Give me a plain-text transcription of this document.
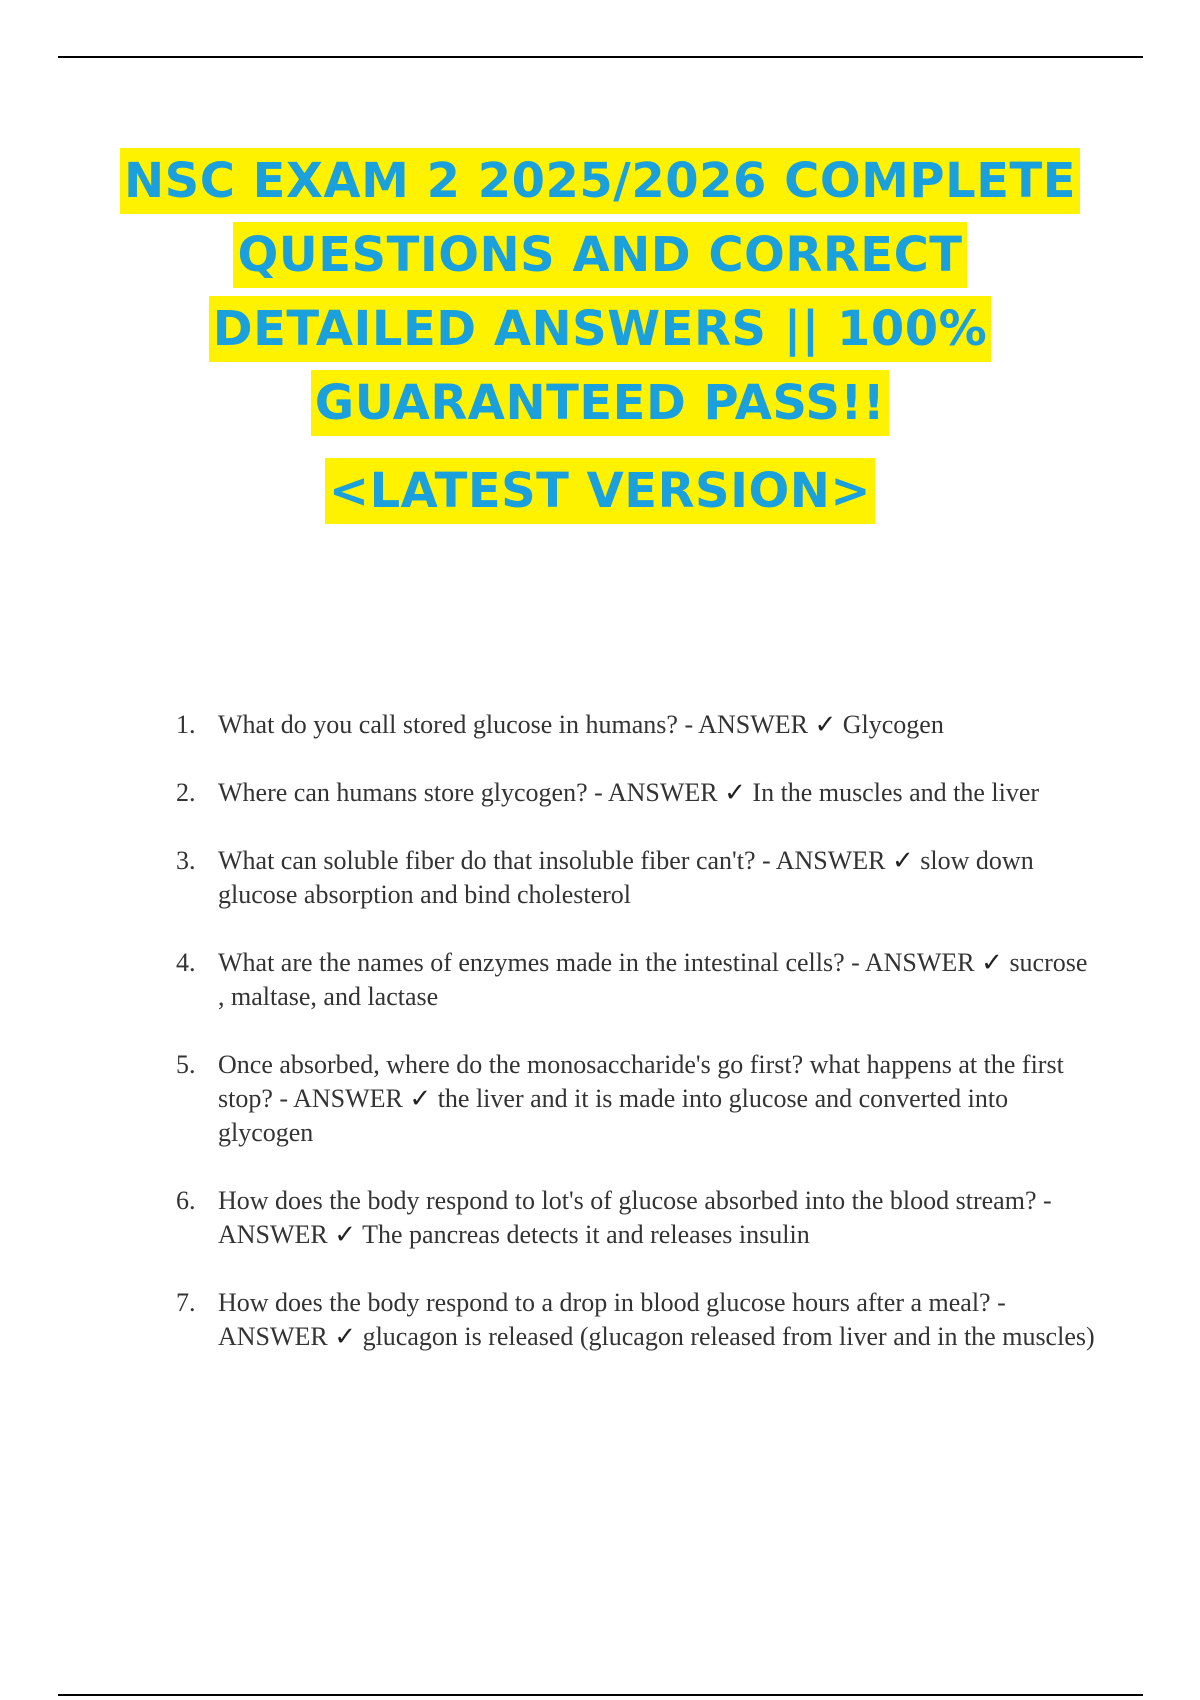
NSC EXAM 2 2025/2026 COMPLETE
QUESTIONS AND CORRECT
DETAILED ANSWERS || 100%
GUARANTEED PASS!!
<LATEST VERSION>
1. What do you call stored glucose in humans? - ANSWER ✓ Glycogen
2. Where can humans store glycogen? - ANSWER ✓ In the muscles and the liver
3. What can soluble fiber do that insoluble fiber can't? - ANSWER ✓ slow down glucose absorption and bind cholesterol
4. What are the names of enzymes made in the intestinal cells? - ANSWER ✓ sucrose , maltase, and lactase
5. Once absorbed, where do the monosaccharide's go first? what happens at the first stop? - ANSWER ✓ the liver and it is made into glucose and converted into glycogen
6. How does the body respond to lot's of glucose absorbed into the blood stream? - ANSWER ✓ The pancreas detects it and releases insulin
7. How does the body respond to a drop in blood glucose hours after a meal? - ANSWER ✓ glucagon is released (glucagon released from liver and in the muscles)
